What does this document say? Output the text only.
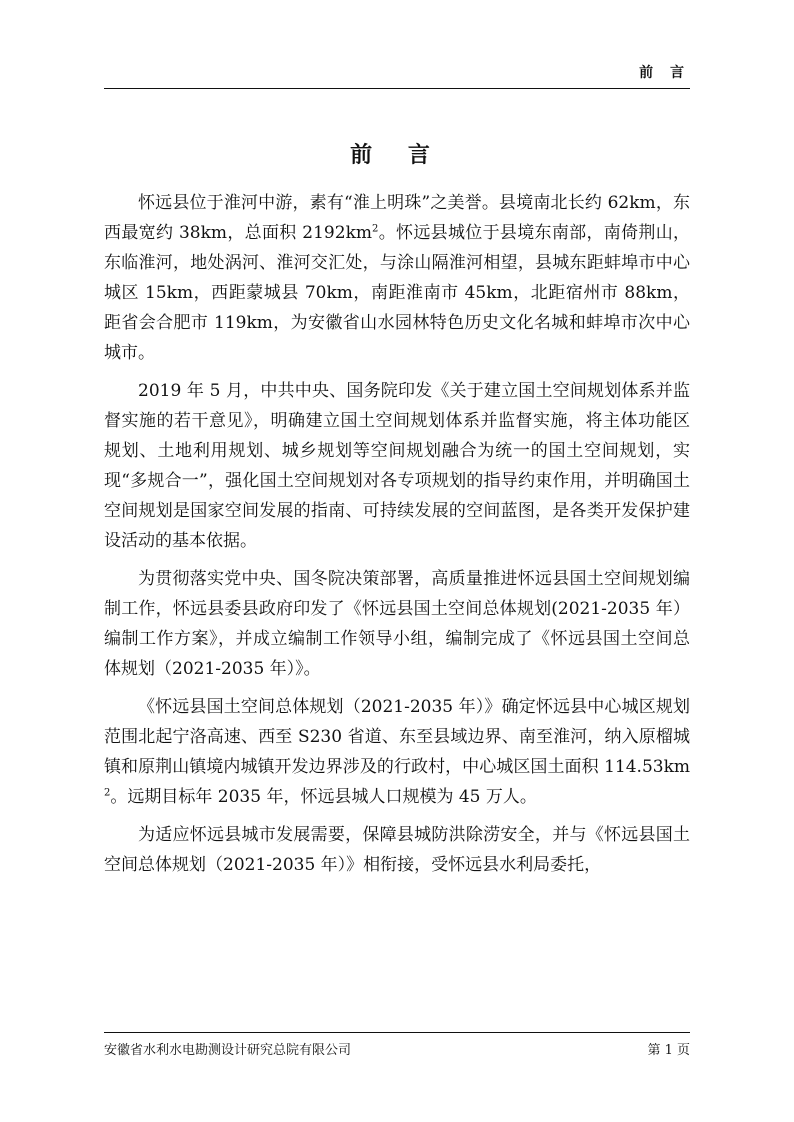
前 言
前 言

怀远县位于淮河中游，素有“淮上明珠”之美誉。县境南北长约 62km，东西最宽约 38km，总面积 $2192km^2$。怀远县城位于县境东南部，南倚荆山，东临淮河，地处涡河、淮河交汇处，与涂山隔淮河相望，县城东距蚌埠市中心城区 15km，西距蒙城县 70km，南距淮南市 45km，北距宿州市 88km，距省会合肥市 119km，为安徽省山水园林特色历史文化名城和蚌埠市次中心城市。

2019 年 5 月，中共中央、国务院印发《关于建立国土空间规划体系并监督实施的若干意见》，明确建立国土空间规划体系并监督实施，将主体功能区规划、土地利用规划、城乡规划等空间规划融合为统一的国土空间规划，实现“多规合一”，强化国土空间规划对各专项规划的指导约束作用，并明确国土空间规划是国家空间发展的指南、可持续发展的空间蓝图，是各类开发保护建设活动的基本依据。

为贯彻落实党中央、国冬院决策部署，高质量推进怀远县国土空间规划编制工作，怀远县委县政府印发了《怀远县国土空间总体规划(2021-2035 年）编制工作方案》，并成立编制工作领导小组，编制完成了《怀远县国土空间总体规划（2021-2035 年）》。

《怀远县国土空间总体规划（2021-2035 年）》确定怀远县中心城区规划范围北起宁洛高速、西至 S230 省道、东至县域边界、南至淮河，纳入原榴城镇和原荆山镇境内城镇开发边界涉及的行政村，中心城区国土面积 $114.53km^2$。远期目标年 2035 年，怀远县城人口规模为 45 万人。

为适应怀远县城市发展需要，保障县城防洪除涝安全，并与《怀远县国土空间总体规划（2021-2035 年）》相衔接，受怀远县水利局委托，

安徽省水利水电勘测设计研究总院有限公司	第 1 页
